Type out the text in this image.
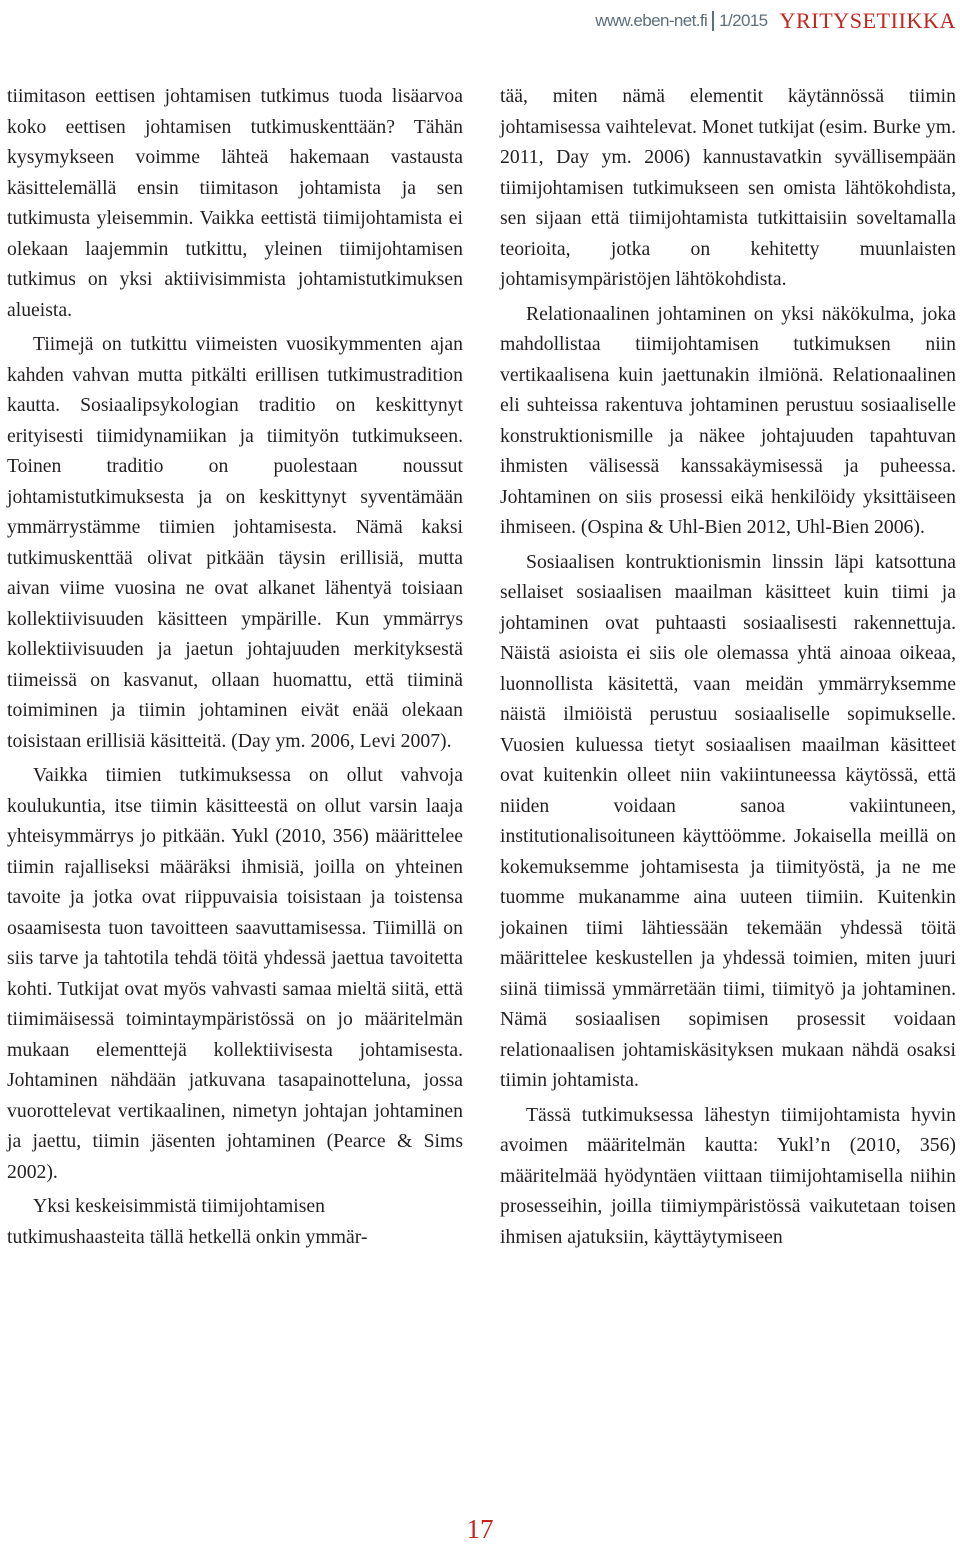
www.eben-net.fi 1/2015 YRITYSETIIKKA

tiimitason eettisen johtamisen tutkimus tuoda lisäarvoa koko eettisen johtamisen tutkimuskenttään? Tähän kysymykseen voimme lähteä hakemaan vastausta käsittelemällä ensin tiimitason johtamista ja sen tutkimusta yleisemmin. Vaikka eettistä tiimijohtamista ei olekaan laajemmin tutkittu, yleinen tiimijohtamisen tutkimus on yksi aktiivisimmista johtamistutkimuksen alueista.

Tiimejä on tutkittu viimeisten vuosikymmenten ajan kahden vahvan mutta pitkälti erillisen tutkimustradition kautta. Sosiaalipsykologian traditio on keskittynyt erityisesti tiimidynamiikan ja tiimityön tutkimukseen. Toinen traditio on puolestaan noussut johtamistutkimuksesta ja on keskittynyt syventämään ymmärrystämme tiimien johtamisesta. Nämä kaksi tutkimuskenttää olivat pitkään täysin erillisiä, mutta aivan viime vuosina ne ovat alkanet lähentyä toisiaan kollektiivisuuden käsitteen ympärille. Kun ymmärrys kollektiivisuuden ja jaetun johtajuuden merkityksestä tiimeissä on kasvanut, ollaan huomattu, että tiiminä toimiminen ja tiimin johtaminen eivät enää olekaan toisistaan erillisiä käsitteitä. (Day ym. 2006, Levi 2007).

Vaikka tiimien tutkimuksessa on ollut vahvoja koulukuntia, itse tiimin käsitteestä on ollut varsin laaja yhteisymmärrys jo pitkään. Yukl (2010, 356) määrittelee tiimin rajalliseksi määräksi ihmisiä, joilla on yhteinen tavoite ja jotka ovat riippuvaisia toisistaan ja toistensa osaamisesta tuon tavoitteen saavuttamisessa. Tiimillä on siis tarve ja tahtotila tehdä töitä yhdessä jaettua tavoitetta kohti. Tutkijat ovat myös vahvasti samaa mieltä siitä, että tiimimäisessä toimintaympäristössä on jo määritelmän mukaan elementtejä kollektiivisesta johtamisesta. Johtaminen nähdään jatkuvana tasapainotteluna, jossa vuorottelevat vertikaalinen, nimetyn johtajan johtaminen ja jaettu, tiimin jäsenten johtaminen (Pearce & Sims 2002).

Yksi keskeisimmistä tiimijohtamisen tutkimushaasteita tällä hetkellä onkin ymmär-

tää, miten nämä elementit käytännössä tiimin johtamisessa vaihtelevat. Monet tutkijat (esim. Burke ym. 2011, Day ym. 2006) kannustavatkin syvällisempään tiimijohtamisen tutkimukseen sen omista lähtökohdista, sen sijaan että tiimijohtamista tutkittaisiin soveltamalla teorioita, jotka on kehitetty muunlaisten johtamisympäristöjen lähtökohdista.

Relationaalinen johtaminen on yksi näkökulma, joka mahdollistaa tiimijohtamisen tutkimuksen niin vertikaalisena kuin jaettunakin ilmiönä. Relationaalinen eli suhteissa rakentuva johtaminen perustuu sosiaaliselle konstruktionismille ja näkee johtajuuden tapahtuvan ihmisten välisessä kanssakäymisessä ja puheessa. Johtaminen on siis prosessi eikä henkilöidy yksittäiseen ihmiseen. (Ospina & Uhl-Bien 2012, Uhl-Bien 2006).

Sosiaalisen kontruktionismin linssin läpi katsottuna sellaiset sosiaalisen maailman käsitteet kuin tiimi ja johtaminen ovat puhtaasti sosiaalisesti rakennettuja. Näistä asioista ei siis ole olemassa yhtä ainoaa oikeaa, luonnollista käsitettä, vaan meidän ymmärryksemme näistä ilmiöistä perustuu sosiaaliselle sopimukselle. Vuosien kuluessa tietyt sosiaalisen maailman käsitteet ovat kuitenkin olleet niin vakiintuneessa käytössä, että niiden voidaan sanoa vakiintuneen, institutionalisoituneen käyttöömme. Jokaisella meillä on kokemuksemme johtamisesta ja tiimityöstä, ja ne me tuomme mukanamme aina uuteen tiimiin. Kuitenkin jokainen tiimi lähtiessään tekemään yhdessä töitä määrittelee keskustellen ja yhdessä toimien, miten juuri siinä tiimissä ymmärretään tiimi, tiimityö ja johtaminen. Nämä sosiaalisen sopimisen prosessit voidaan relationaalisen johtamiskäsityksen mukaan nähdä osaksi tiimin johtamista.

Tässä tutkimuksessa lähestyn tiimijohtamista hyvin avoimen määritelmän kautta: Yukl’n (2010, 356) määritelmää hyödyntäen viittaan tiimijohtamisella niihin prosesseihin, joilla tiimiympäristössä vaikutetaan toisen ihmisen ajatuksiin, käyttäytymiseen

17
